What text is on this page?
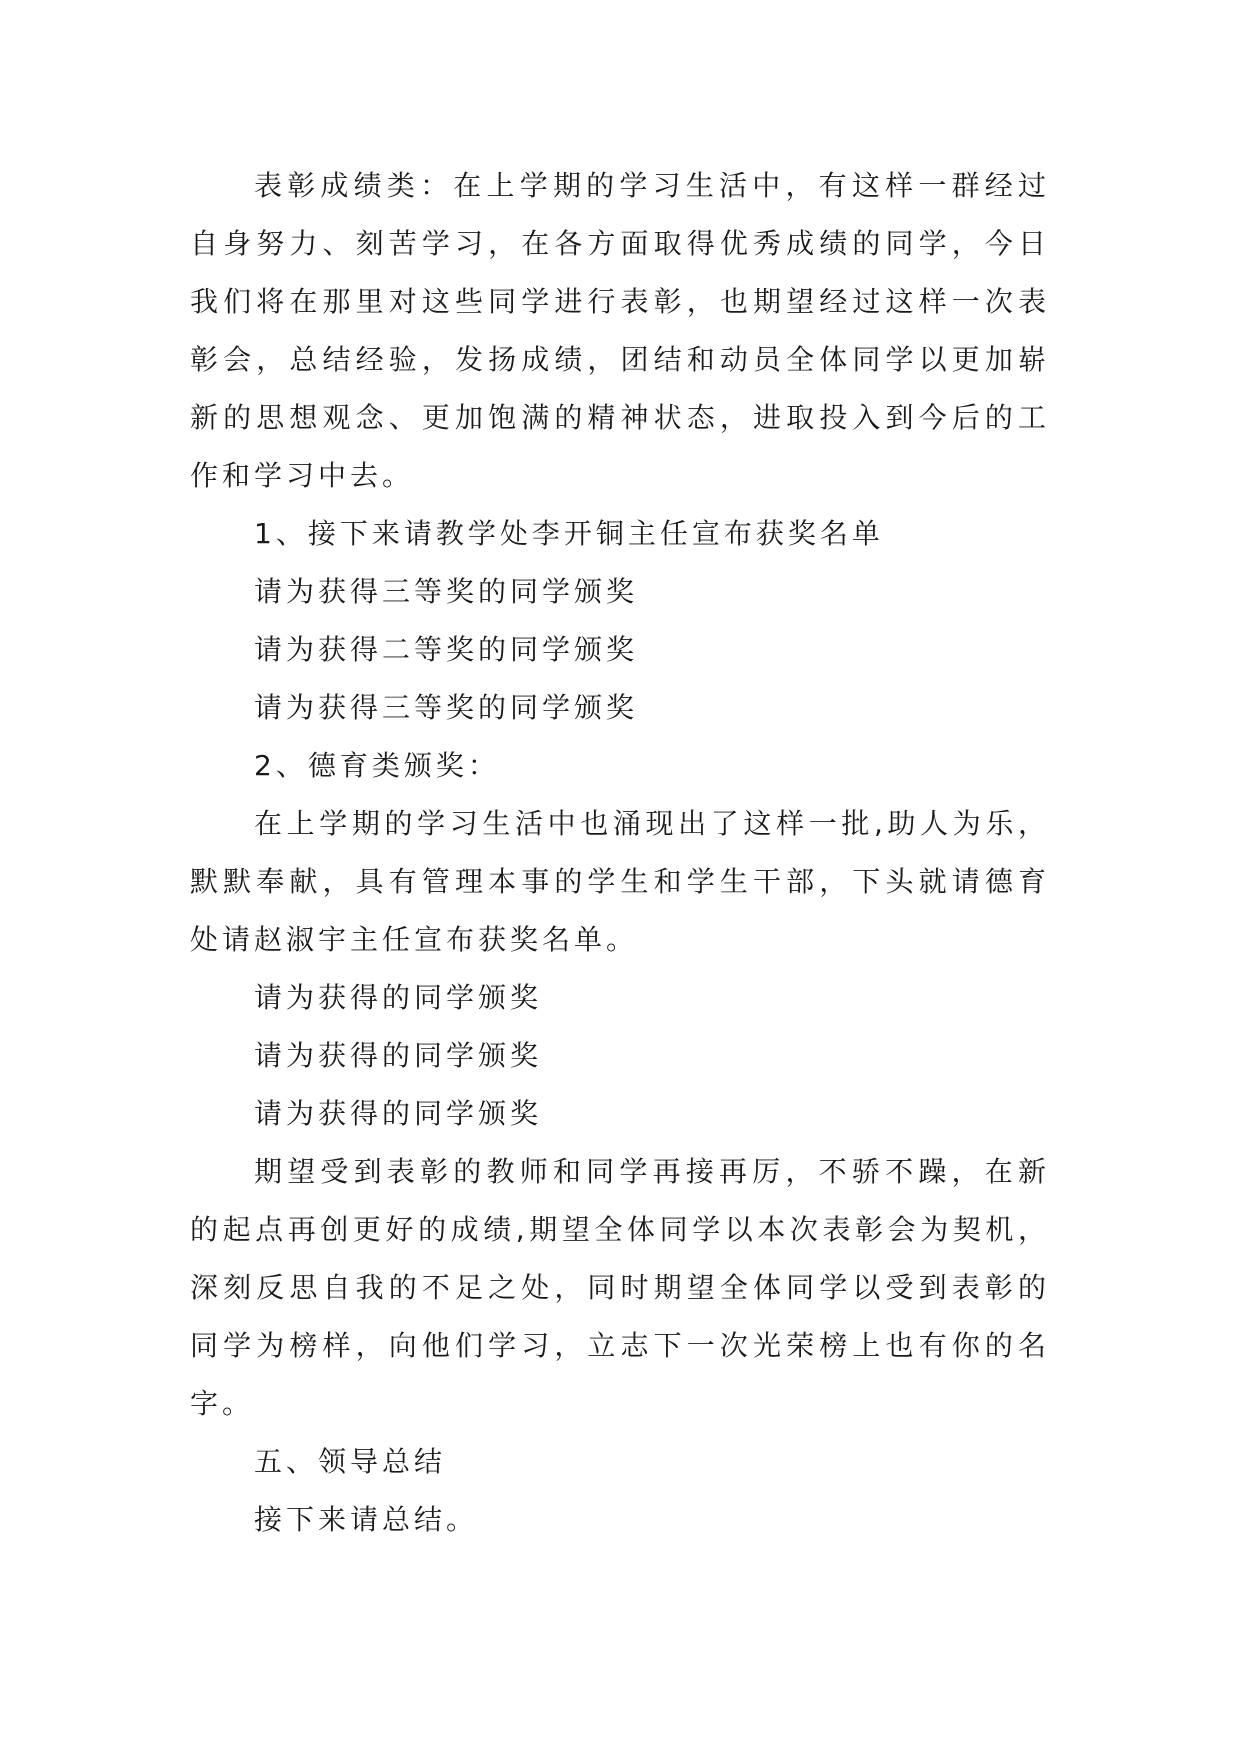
表彰成绩类：在上学期的学习生活中，有这样一群经过自身努力、刻苦学习，在各方面取得优秀成绩的同学，今日我们将在那里对这些同学进行表彰，也期望经过这样一次表彰会，总结经验，发扬成绩，团结和动员全体同学以更加崭新的思想观念、更加饱满的精神状态，进取投入到今后的工作和学习中去。

1、接下来请教学处李开铜主任宣布获奖名单

请为获得三等奖的同学颁奖

请为获得二等奖的同学颁奖

请为获得三等奖的同学颁奖

2、德育类颁奖：

在上学期的学习生活中也涌现出了这样一批,助人为乐，默默奉献，具有管理本事的学生和学生干部，下头就请德育处请赵淑宇主任宣布获奖名单。

请为获得的同学颁奖

请为获得的同学颁奖

请为获得的同学颁奖

期望受到表彰的教师和同学再接再厉，不骄不躁，在新的起点再创更好的成绩,期望全体同学以本次表彰会为契机，深刻反思自我的不足之处，同时期望全体同学以受到表彰的同学为榜样，向他们学习，立志下一次光荣榜上也有你的名字。

五、领导总结

接下来请总结。
